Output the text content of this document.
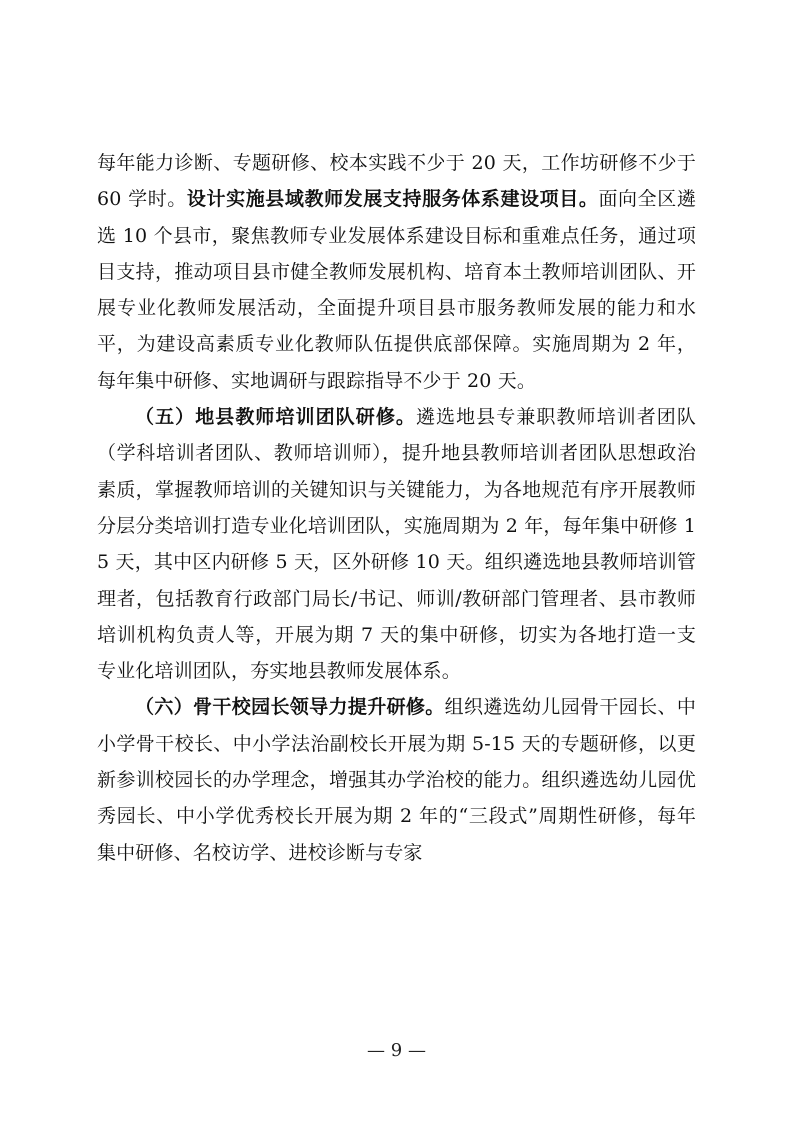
每年能力诊断、专题研修、校本实践不少于 20 天，工作坊研修不少于 60 学时。设计实施县域教师发展支持服务体系建设项目。面向全区遴选 10 个县市，聚焦教师专业发展体系建设目标和重难点任务，通过项目支持，推动项目县市健全教师发展机构、培育本土教师培训团队、开展专业化教师发展活动，全面提升项目县市服务教师发展的能力和水平，为建设高素质专业化教师队伍提供底部保障。实施周期为 2 年，每年集中研修、实地调研与跟踪指导不少于 20 天。

（五）地县教师培训团队研修。遴选地县专兼职教师培训者团队（学科培训者团队、教师培训师），提升地县教师培训者团队思想政治素质，掌握教师培训的关键知识与关键能力，为各地规范有序开展教师分层分类培训打造专业化培训团队，实施周期为 2 年，每年集中研修 15 天，其中区内研修 5 天，区外研修 10 天。组织遴选地县教师培训管理者，包括教育行政部门局长/书记、师训/教研部门管理者、县市教师培训机构负责人等，开展为期 7 天的集中研修，切实为各地打造一支专业化培训团队，夯实地县教师发展体系。

（六）骨干校园长领导力提升研修。组织遴选幼儿园骨干园长、中小学骨干校长、中小学法治副校长开展为期 5-15 天的专题研修，以更新参训校园长的办学理念，增强其办学治校的能力。组织遴选幼儿园优秀园长、中小学优秀校长开展为期 2 年的“三段式”周期性研修，每年集中研修、名校访学、进校诊断与专家

— 9 —
